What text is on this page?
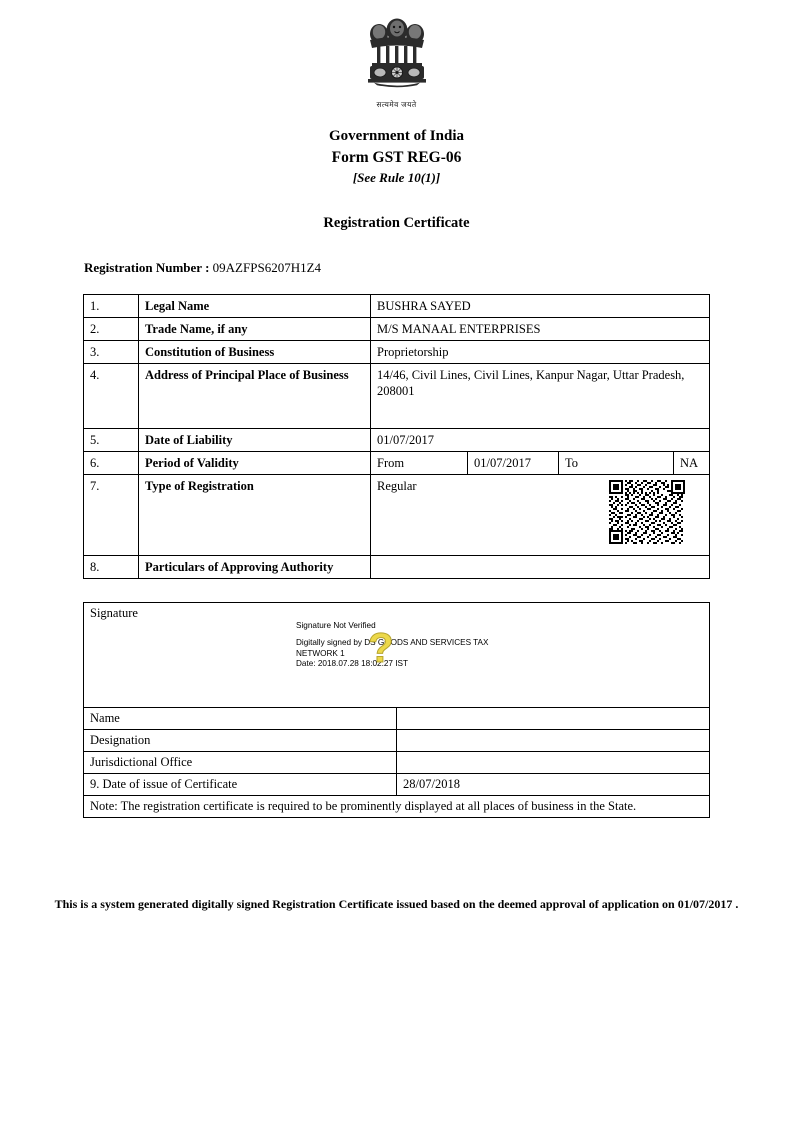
सत्यमेव जयते
Government of India
Form GST REG-06
[See Rule 10(1)]
Registration Certificate
Registration Number : 09AZFPS6207H1Z4
1.	Legal Name	BUSHRA SAYED
2.	Trade Name, if any	M/S MANAAL ENTERPRISES
3.	Constitution of Business	Proprietorship
4.	Address of Principal Place of Business	14/46, Civil Lines, Civil Lines, Kanpur Nagar, Uttar Pradesh, 208001
5.	Date of Liability	01/07/2017
6.	Period of Validity		From	01/07/2017	To	NA

7.	Type of Registration	Regular

8.	Particulars of Approving Authority	
Signature
Signature Not Verified
Digitally signed by DS GOODS AND SERVICES TAX NETWORK 1
Date: 2018.07.28 18:02:27 IST
?	

Name	
Designation	
Jurisdictional Office	
9. Date of issue of Certificate	28/07/2018
Note: The registration certificate is required to be prominently displayed at all places of business in the State.	
This is a system generated digitally signed Registration Certificate issued based on the deemed approval of application on 01/07/2017 .
